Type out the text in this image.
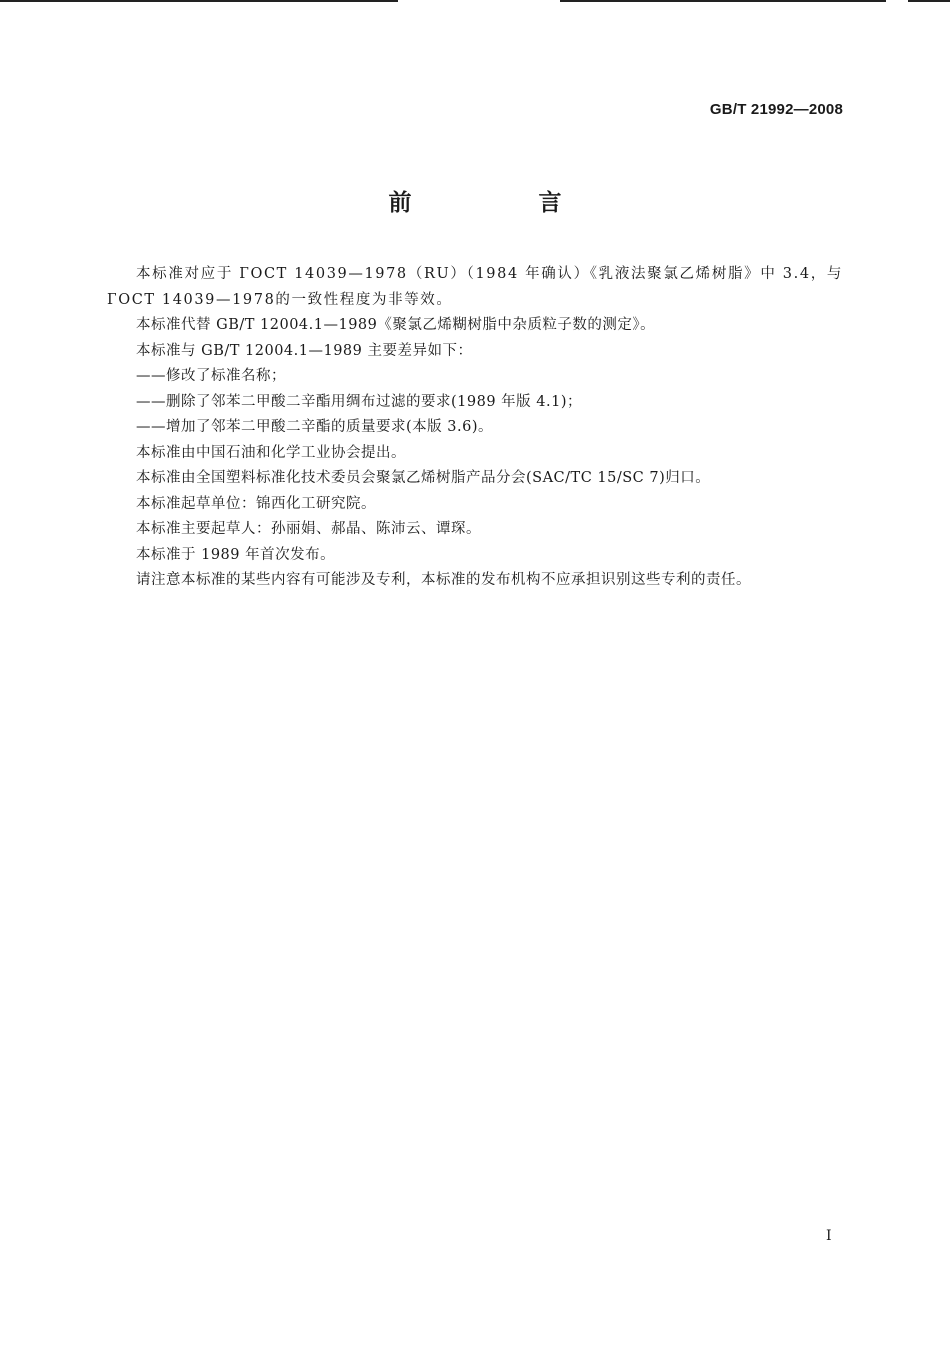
GB/T 21992—2008
前　言

本标准对应于 ГОСТ 14039—1978（RU）（1984 年确认）《乳液法聚氯乙烯树脂》中 3.4，与 ГОСТ 14039—1978的一致性程度为非等效。

本标准代替 GB/T 12004.1—1989《聚氯乙烯糊树脂中杂质粒子数的测定》。

本标准与 GB/T 12004.1—1989 主要差异如下：

——修改了标准名称；

——删除了邻苯二甲酸二辛酯用绸布过滤的要求(1989 年版 4.1)；

——增加了邻苯二甲酸二辛酯的质量要求(本版 3.6)。

本标准由中国石油和化学工业协会提出。

本标准由全国塑料标准化技术委员会聚氯乙烯树脂产品分会(SAC/TC 15/SC 7)归口。

本标准起草单位：锦西化工研究院。

本标准主要起草人：孙丽娟、郝晶、陈沛云、谭琛。

本标准于 1989 年首次发布。

请注意本标准的某些内容有可能涉及专利，本标准的发布机构不应承担识别这些专利的责任。

I
